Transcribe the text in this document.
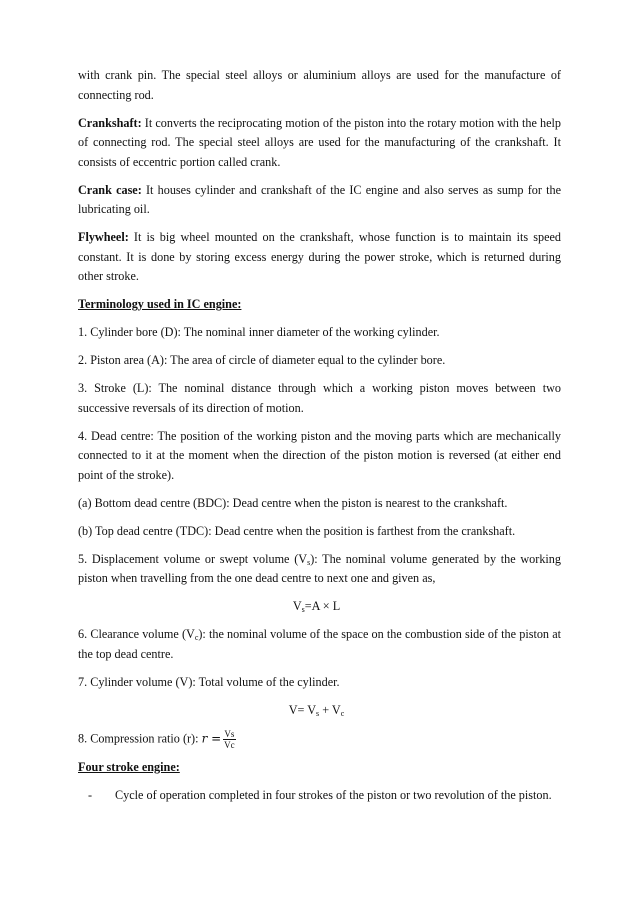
with crank pin. The special steel alloys or aluminium alloys are used for the manufacture of connecting rod.

Crankshaft: It converts the reciprocating motion of the piston into the rotary motion with the help of connecting rod. The special steel alloys are used for the manufacturing of the crankshaft. It consists of eccentric portion called crank.

Crank case: It houses cylinder and crankshaft of the IC engine and also serves as sump for the lubricating oil.

Flywheel: It is big wheel mounted on the crankshaft, whose function is to maintain its speed constant. It is done by storing excess energy during the power stroke, which is returned during other stroke.

Terminology used in IC engine:

1. Cylinder bore (D): The nominal inner diameter of the working cylinder.

2. Piston area (A): The area of circle of diameter equal to the cylinder bore.

3. Stroke (L): The nominal distance through which a working piston moves between two successive reversals of its direction of motion.

4. Dead centre: The position of the working piston and the moving parts which are mechanically connected to it at the moment when the direction of the piston motion is reversed (at either end point of the stroke).

(a) Bottom dead centre (BDC): Dead centre when the piston is nearest to the crankshaft.

(b) Top dead centre (TDC): Dead centre when the position is farthest from the crankshaft.

5. Displacement volume or swept volume $(V_s)$: The nominal volume generated by the working piston when travelling from the one dead centre to next one and given as,

$V_s=A \times L$

6. Clearance volume $(V_c)$: the nominal volume of the space on the combustion side of the piston at the top dead centre.

7. Cylinder volume (V): Total volume of the cylinder.

$V= V_s + V_c$

8. Compression ratio (r): $r = \frac{Vs}{Vc}$

Four stroke engine:

-	Cycle of operation completed in four strokes of the piston or two revolution of the piston.
